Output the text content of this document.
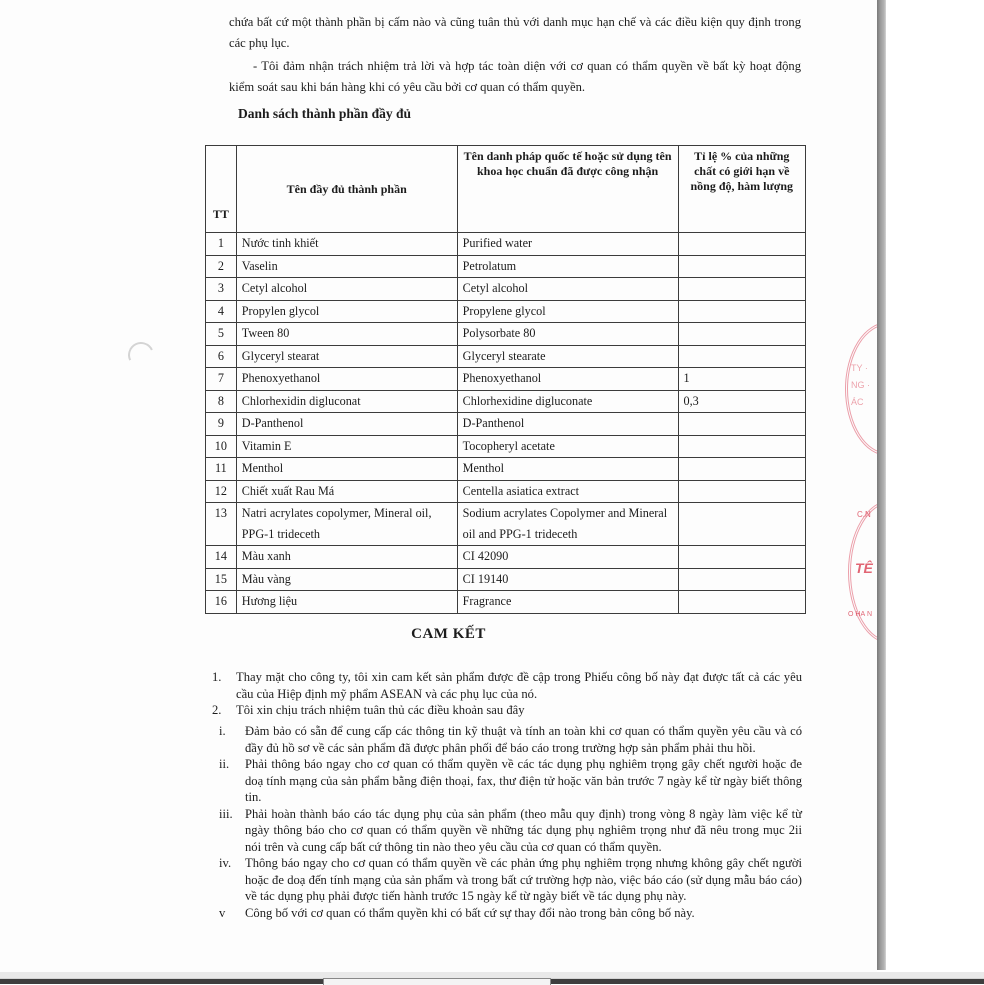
chứa bất cứ một thành phần bị cấm nào và cũng tuân thủ với danh mục hạn chế và các điều kiện quy định trong các phụ lục.

- Tôi đảm nhận trách nhiệm trả lời và hợp tác toàn diện với cơ quan có thẩm quyền về bất kỳ hoạt động kiểm soát sau khi bán hàng khi có yêu cầu bởi cơ quan có thẩm quyền.

Danh sách thành phần đầy đủ
TT	Tên đầy đủ thành phần	Tên danh pháp quốc tế hoặc sử dụng tên khoa học chuẩn đã được công nhận	Tỉ lệ % của những chất có giới hạn về nồng độ, hàm lượng
1	Nước tinh khiết	Purified water	
2	Vaselin	Petrolatum	
3	Cetyl alcohol	Cetyl alcohol	
4	Propylen glycol	Propylene glycol	
5	Tween 80	Polysorbate 80	
6	Glyceryl stearat	Glyceryl stearate	
7	Phenoxyethanol	Phenoxyethanol	1
8	Chlorhexidin digluconat	Chlorhexidine digluconate	0,3
9	D-Panthenol	D-Panthenol	
10	Vitamin E	Tocopheryl acetate	
11	Menthol	Menthol	
12	Chiết xuất Rau Má	Centella asiatica extract	
13	Natri acrylates copolymer, Mineral oil, PPG-1 trideceth	Sodium acrylates Copolymer and Mineral oil and PPG-1 trideceth	
14	Màu xanh	CI 42090	
15	Màu vàng	CI 19140	
16	Hương liệu	Fragrance	
CAM KẾT
1. Thay mặt cho công ty, tôi xin cam kết sản phẩm được đề cập trong Phiếu công bố này đạt được tất cả các yêu cầu của Hiệp định mỹ phẩm ASEAN và các phụ lục của nó.
2. Tôi xin chịu trách nhiệm tuân thủ các điều khoản sau đây
i. Đảm bảo có sẵn để cung cấp các thông tin kỹ thuật và tính an toàn khi cơ quan có thẩm quyền yêu cầu và có đầy đủ hồ sơ về các sản phẩm đã được phân phối để báo cáo trong trường hợp sản phẩm phải thu hồi.
ii. Phải thông báo ngay cho cơ quan có thẩm quyền về các tác dụng phụ nghiêm trọng gây chết người hoặc đe doạ tính mạng của sản phẩm bằng điện thoại, fax, thư điện tử hoặc văn bản trước 7 ngày kể từ ngày biết thông tin.
iii. Phải hoàn thành báo cáo tác dụng phụ của sản phẩm (theo mẫu quy định) trong vòng 8 ngày làm việc kể từ ngày thông báo cho cơ quan có thẩm quyền về những tác dụng phụ nghiêm trọng như đã nêu trong mục 2ii nói trên và cung cấp bất cứ thông tin nào theo yêu cầu của cơ quan có thẩm quyền.
iv. Thông báo ngay cho cơ quan có thẩm quyền về các phản ứng phụ nghiêm trọng nhưng không gây chết người hoặc đe doạ đến tính mạng của sản phẩm và trong bất cứ trường hợp nào, việc báo cáo (sử dụng mẫu báo cáo) về tác dụng phụ phải được tiến hành trước 15 ngày kể từ ngày biết về tác dụng phụ này.
v Công bố với cơ quan có thẩm quyền khi có bất cứ sự thay đổi nào trong bản công bố này.
TY · NG · ÁC
C.N
TÊ
Ô HÀ N
